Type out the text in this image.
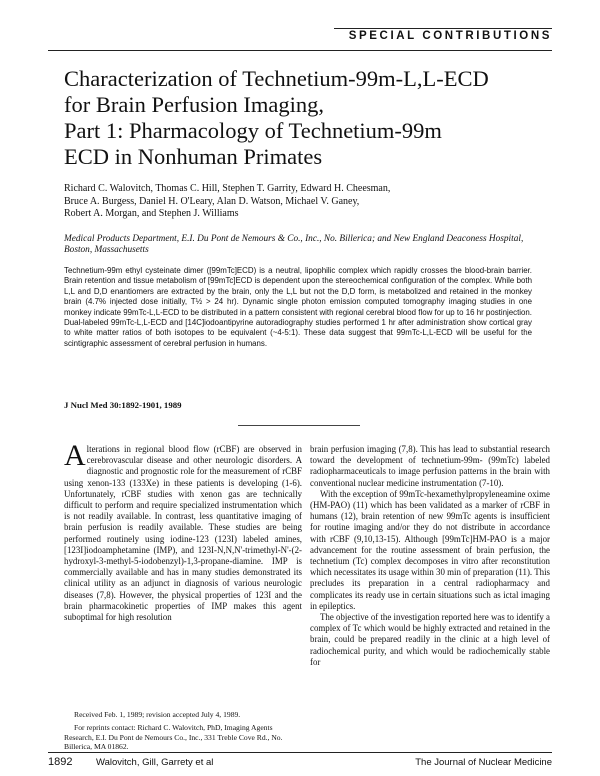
SPECIAL CONTRIBUTIONS
Characterization of Technetium-99m-L,L-ECD
for Brain Perfusion Imaging,
Part 1: Pharmacology of Technetium-99m
ECD in Nonhuman Primates
Richard C. Walovitch, Thomas C. Hill, Stephen T. Garrity, Edward H. Cheesman,
Bruce A. Burgess, Daniel H. O'Leary, Alan D. Watson, Michael V. Ganey,
Robert A. Morgan, and Stephen J. Williams
Medical Products Department, E.I. Du Pont de Nemours & Co., Inc., No. Billerica; and New England Deaconess Hospital, Boston, Massachusetts
Technetium-99m ethyl cysteinate dimer ([99mTc]ECD) is a neutral, lipophilic complex which rapidly crosses the blood-brain barrier. Brain retention and tissue metabolism of [99mTc]ECD is dependent upon the stereochemical configuration of the complex. While both L,L and D,D enantiomers are extracted by the brain, only the L,L but not the D,D form, is metabolized and retained in the monkey brain (4.7% injected dose initially, T½ > 24 hr). Dynamic single photon emission computed tomography imaging studies in one monkey indicate 99mTc-L,L-ECD to be distributed in a pattern consistent with regional cerebral blood flow for up to 16 hr postinjection. Dual-labeled 99mTc-L,L-ECD and [14C]iodoantipyrine autoradiography studies performed 1 hr after administration show cortical gray to white matter ratios of both isotopes to be equivalent (~4-5:1). These data suggest that 99mTc-L,L-ECD will be useful for the scintigraphic assessment of cerebral perfusion in humans.
J Nucl Med 30:1892-1901, 1989

Alterations in regional blood flow (rCBF) are observed in cerebrovascular disease and other neurologic disorders. A diagnostic and prognostic role for the measurement of rCBF using xenon-133 (133Xe) in these patients is developing (1-6). Unfortunately, rCBF studies with xenon gas are technically difficult to perform and require specialized instrumentation which is not readily available. In contrast, less quantitative imaging of brain perfusion is readily available. These studies are being performed routinely using iodine-123 (123I) labeled amines, [123I]iodoamphetamine (IMP), and 123I-N,N,N'-trimethyl-N'-(2-hydroxyl-3-methyl-5-iodobenzyl)-1,3-propane-diamine. IMP is commercially available and has in many studies demonstrated its clinical utility as an adjunct in diagnosis of various neurologic diseases (7,8). However, the physical properties of 123I and the brain pharmacokinetic properties of IMP makes this agent suboptimal for high resolution

brain perfusion imaging (7,8). This has lead to substantial research toward the development of technetium-99m- (99mTc) labeled radiopharmaceuticals to image perfusion patterns in the brain with conventional nuclear medicine instrumentation (7-10).

With the exception of 99mTc-hexamethylpropyleneamine oxime (HM-PAO) (11) which has been validated as a marker of rCBF in humans (12), brain retention of new 99mTc agents is insufficient for routine imaging and/or they do not distribute in accordance with rCBF (9,10,13-15). Although [99mTc]HM-PAO is a major advancement for the routine assessment of brain perfusion, the technetium (Tc) complex decomposes in vitro after reconstitution which necessitates its usage within 30 min of preparation (11). This precludes its preparation in a central radiopharmacy and complicates its ready use in certain situations such as ictal imaging in epileptics.

The objective of the investigation reported here was to identify a complex of Tc which would be highly extracted and retained in the brain, could be prepared readily in the clinic at a high level of radiochemical purity, and which would be radiochemically stable for

Received Feb. 1, 1989; revision accepted July 4, 1989.

For reprints contact: Richard C. Walovitch, PhD, Imaging Agents Research, E.I. Du Pont de Nemours Co., Inc., 331 Treble Cove Rd., No. Billerica, MA 01862.

1892 Walovitch, Gill, Garrety et al	The Journal of Nuclear Medicine
